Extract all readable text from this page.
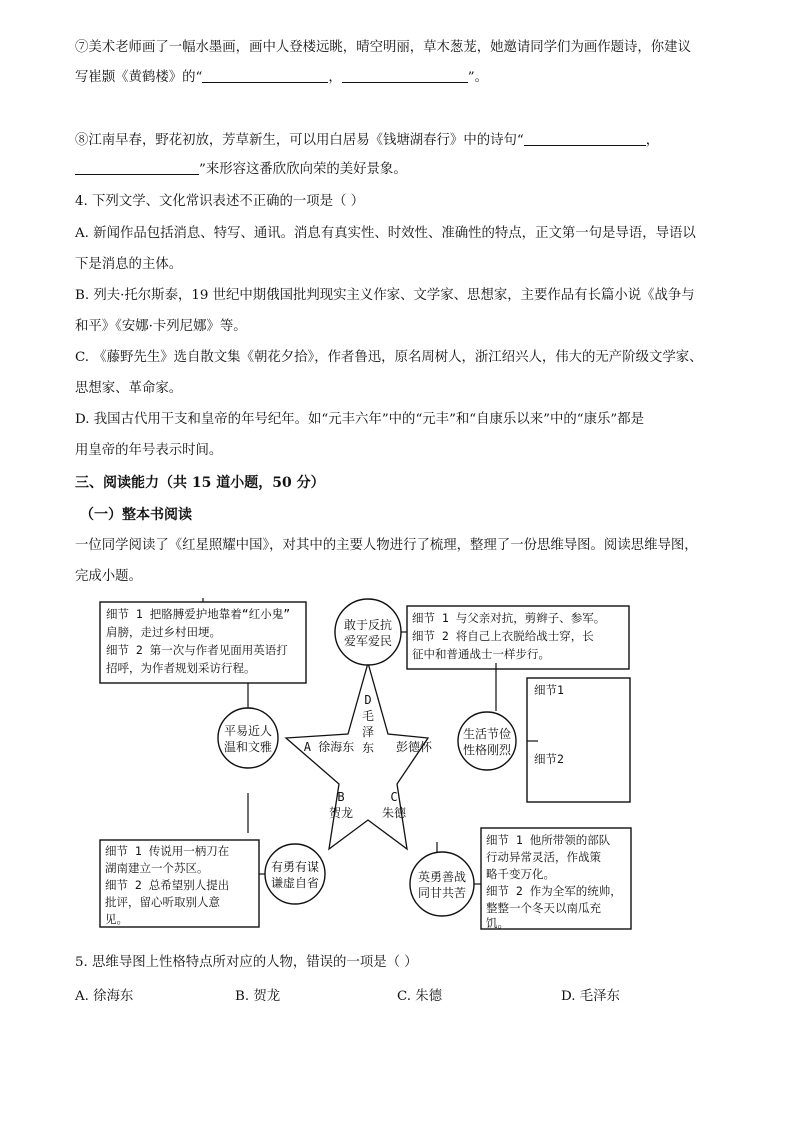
⑦美术老师画了一幅水墨画，画中人登楼远眺，晴空明丽，草木葱茏，她邀请同学们为画作题诗，你建议
写崔颢《黄鹤楼》的“	，	”。
⑧江南早春，野花初放，芳草新生，可以用白居易《钱塘湖春行》中的诗句“	，
”来形容这番欣欣向荣的美好景象。
4. 下列文学、文化常识表述不正确的一项是（ ）
A. 新闻作品包括消息、特写、通讯。消息有真实性、时效性、准确性的特点，正文第一句是导语，导语以
下是消息的主体。
B. 列夫·托尔斯泰，19 世纪中期俄国批判现实主义作家、文学家、思想家，主要作品有长篇小说《战争与
和平》《安娜·卡列尼娜》等。
C. 《藤野先生》选自散文集《朝花夕拾》，作者鲁迅，原名周树人，浙江绍兴人，伟大的无产阶级文学家、
思想家、革命家。
D. 我国古代用干支和皇帝的年号纪年。如“元丰六年”中的“元丰”和“自康乐以来”中的“康乐”都是
用皇帝的年号表示时间。
三、阅读能力（共 15 道小题，50 分）
（一）整本书阅读
一位同学阅读了《红星照耀中国》，对其中的主要人物进行了梳理，整理了一份思维导图。阅读思维导图，
完成小题。
细节 1 把胳膊爱护地靠着“红小鬼”
肩膀，走过乡村田埂。
细节 2 第一次与作者见面用英语打
招呼，为作者规划采访行程。
细节 1 与父亲对抗，剪辫子、参军。
细节 2 将自己上衣脱给战士穿，长
征中和普通战士一样步行。
细节1
细节2
细节 1 传说用一柄刀在
湖南建立一个苏区。
细节 2 总希望别人提出
批评，留心听取别人意
见。
细节 1 他所带领的部队
行动异常灵活，作战策
略千变万化。
细节 2 作为全军的统帅，
整整一个冬天以南瓜充
饥。
敢于反抗
爱军爱民
平易近人
温和文雅
生活节俭
性格刚烈
有勇有谋
谦虚自省	英勇善战
同甘共苦
D
毛
泽
东
A 徐海东	彭德怀
B
贺龙
C
朱德
5. 思维导图上性格特点所对应的人物，错误的一项是（ ）
A. 徐海东	B. 贺龙	C. 朱德	D. 毛泽东
